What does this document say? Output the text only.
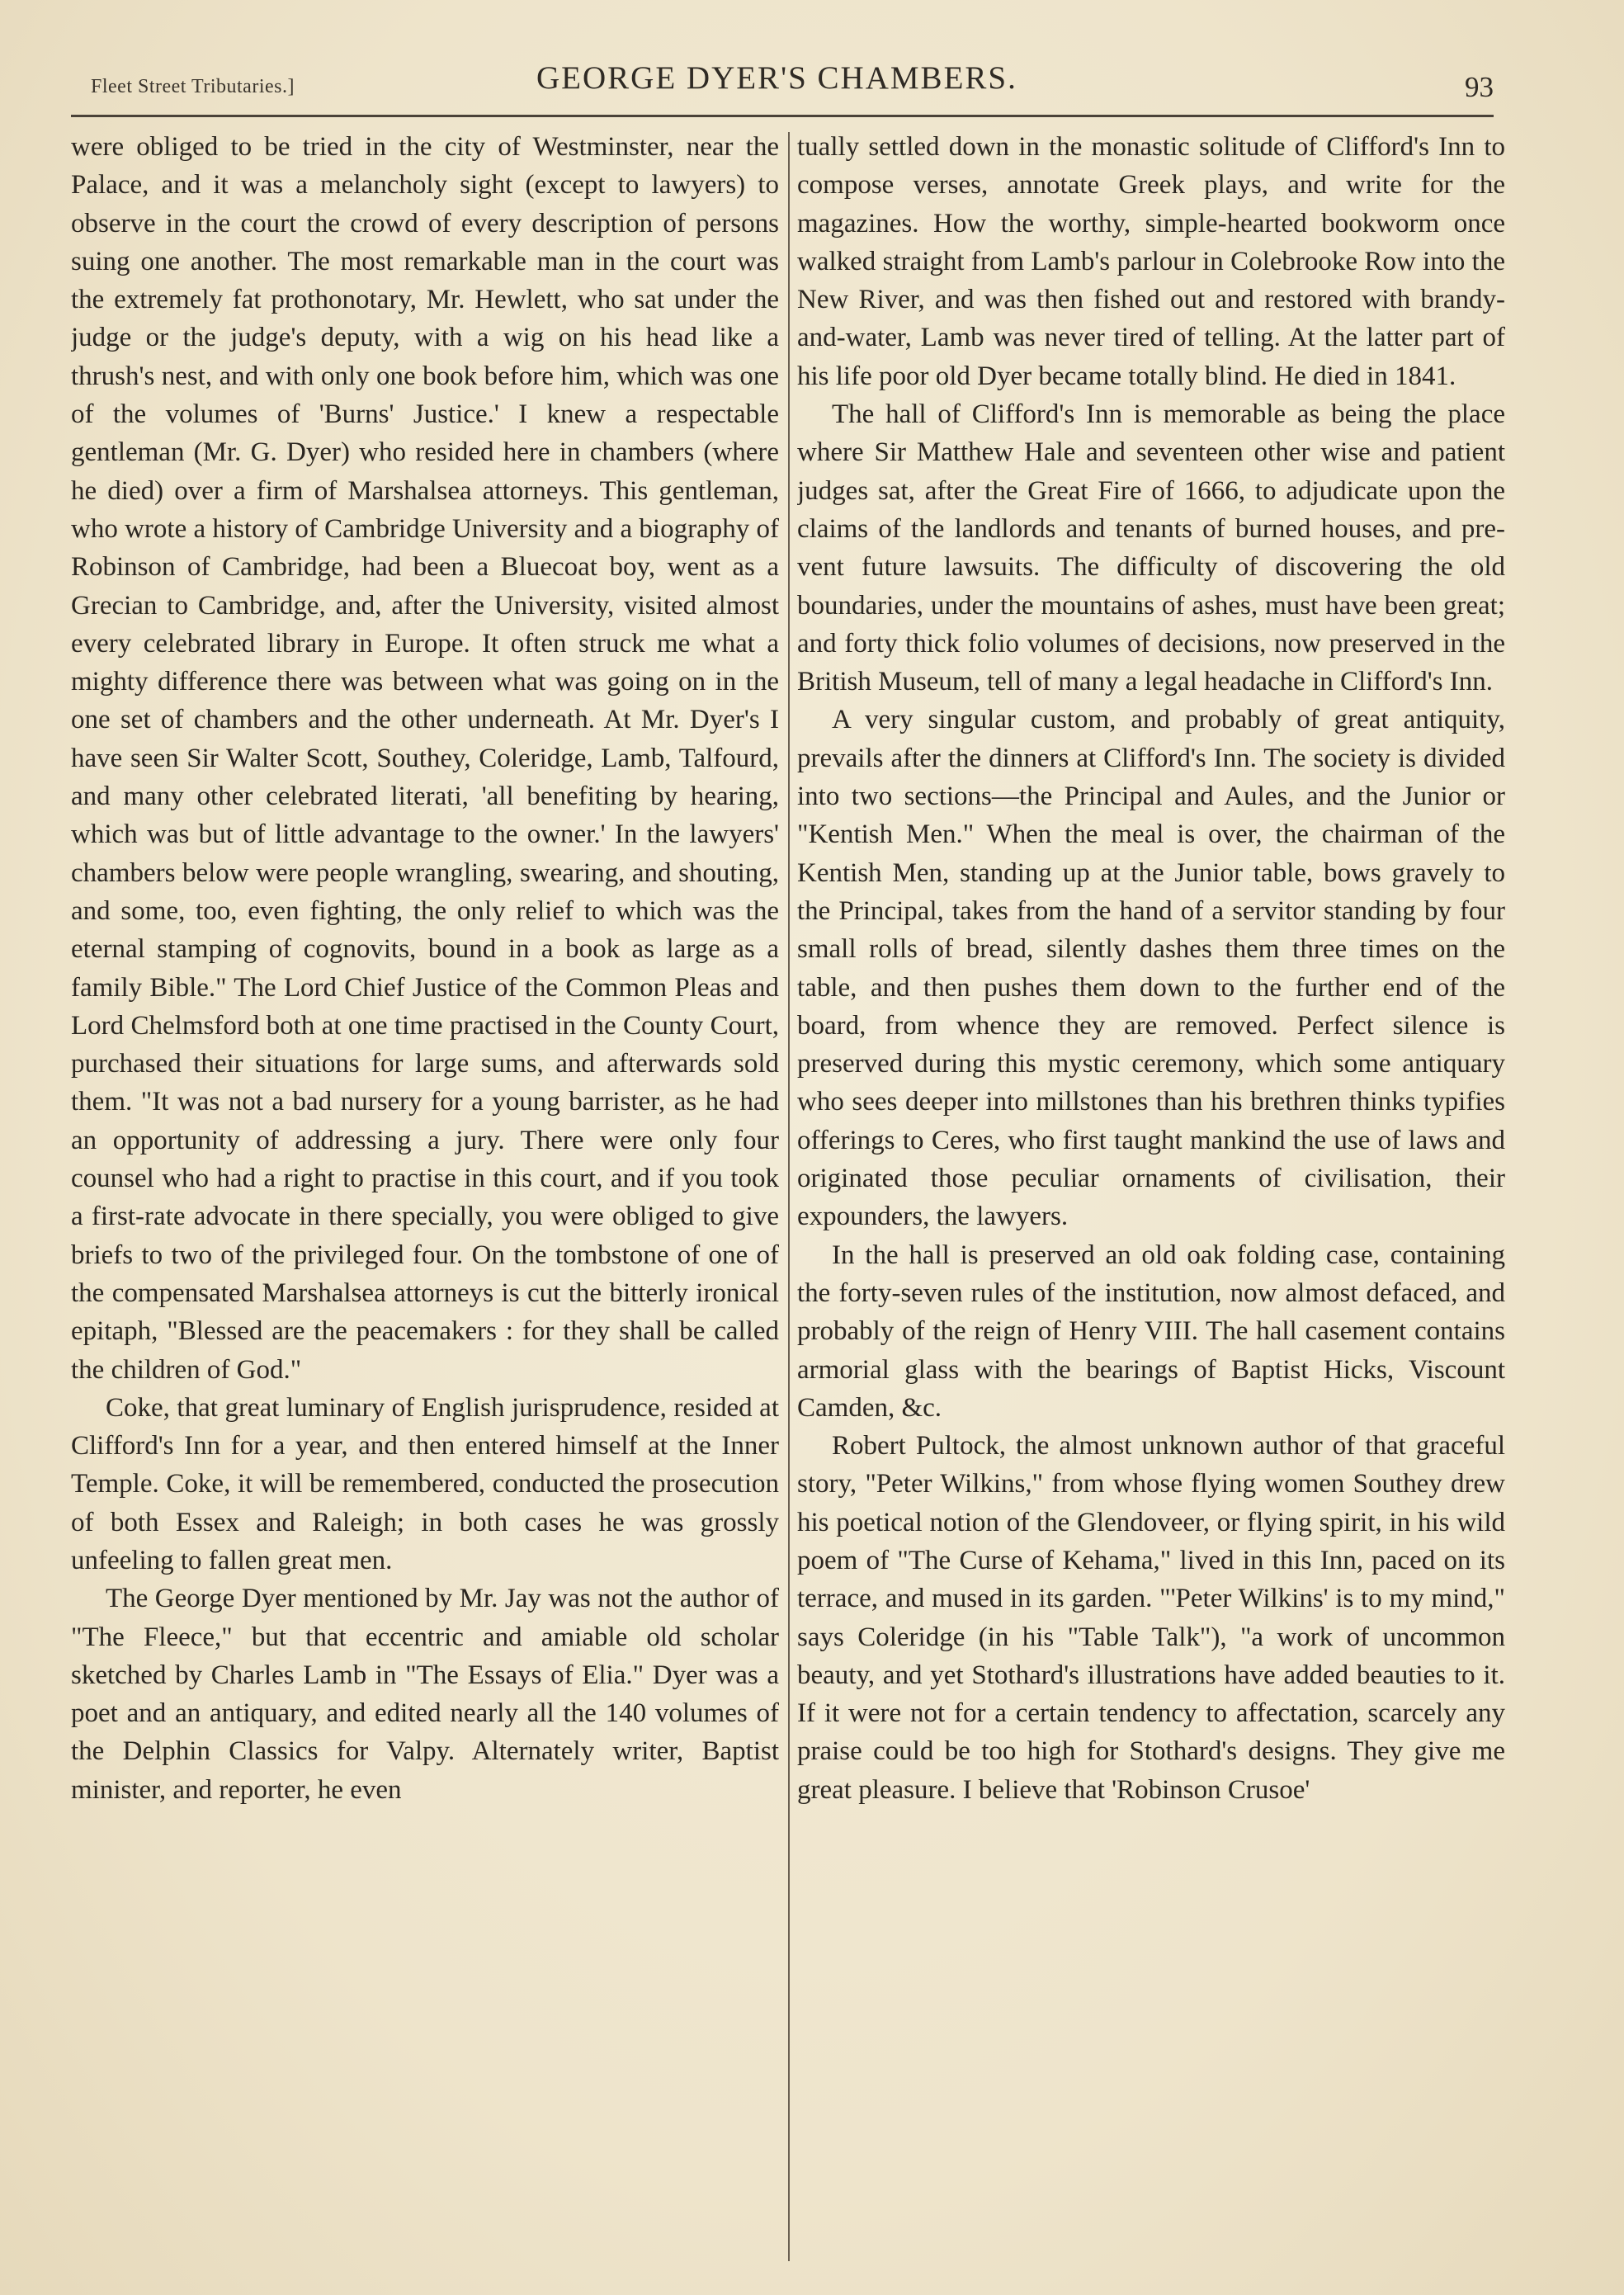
Fleet Street Tributaries.]	GEORGE DYER'S CHAMBERS.	93

were obliged to be tried in the city of Westminster, near the Palace, and it was a melancholy sight (except to lawyers) to observe in the court the crowd of every description of persons suing one another. The most remarkable man in the court was the extremely fat prothonotary, Mr. Hewlett, who sat under the judge or the judge's deputy, with a wig on his head like a thrush's nest, and with only one book before him, which was one of the volumes of 'Burns' Justice.' I knew a respectable gentleman (Mr. G. Dyer) who resided here in chambers (where he died) over a firm of Marshalsea attorneys. This gentleman, who wrote a history of Cambridge University and a biography of Robinson of Cambridge, had been a Bluecoat boy, went as a Grecian to Cambridge, and, after the University, visited almost every celebrated library in Europe. It often struck me what a mighty difference there was between what was going on in the one set of chambers and the other underneath. At Mr. Dyer's I have seen Sir Walter Scott, Southey, Coleridge, Lamb, Talfourd, and many other celebrated literati, 'all benefiting by hearing, which was but of little advantage to the owner.' In the lawyers' chambers below were people wrangling, swearing, and shouting, and some, too, even fighting, the only relief to which was the eternal stamping of cognovits, bound in a book as large as a family Bible." The Lord Chief Justice of the Common Pleas and Lord Chelmsford both at one time practised in the County Court, purchased their situations for large sums, and afterwards sold them. "It was not a bad nursery for a young barrister, as he had an opportunity of addressing a jury. There were only four counsel who had a right to practise in this court, and if you took a first-rate advocate in there specially, you were obliged to give briefs to two of the privileged four. On the tombstone of one of the compensated Marshalsea attorneys is cut the bitterly ironical epitaph, "Blessed are the peacemakers : for they shall be called the children of God."

Coke, that great luminary of English jurisprudence, resided at Clifford's Inn for a year, and then entered himself at the Inner Temple. Coke, it will be remembered, conducted the prosecution of both Essex and Raleigh; in both cases he was grossly unfeeling to fallen great men.

The George Dyer mentioned by Mr. Jay was not the author of "The Fleece," but that eccentric and amiable old scholar sketched by Charles Lamb in "The Essays of Elia." Dyer was a poet and an antiquary, and edited nearly all the 140 volumes of the Delphin Classics for Valpy. Alternately writer, Baptist minister, and reporter, he even

tually settled down in the monastic solitude of Clifford's Inn to compose verses, annotate Greek plays, and write for the magazines. How the worthy, simple-hearted bookworm once walked straight from Lamb's parlour in Colebrooke Row into the New River, and was then fished out and restored with brandy-and-water, Lamb was never tired of telling. At the latter part of his life poor old Dyer became totally blind. He died in 1841.

The hall of Clifford's Inn is memorable as being the place where Sir Matthew Hale and seventeen other wise and patient judges sat, after the Great Fire of 1666, to adjudicate upon the claims of the landlords and tenants of burned houses, and prevent future lawsuits. The difficulty of discovering the old boundaries, under the mountains of ashes, must have been great; and forty thick folio volumes of decisions, now preserved in the British Museum, tell of many a legal headache in Clifford's Inn.

A very singular custom, and probably of great antiquity, prevails after the dinners at Clifford's Inn. The society is divided into two sections—the Principal and Aules, and the Junior or "Kentish Men." When the meal is over, the chairman of the Kentish Men, standing up at the Junior table, bows gravely to the Principal, takes from the hand of a servitor standing by four small rolls of bread, silently dashes them three times on the table, and then pushes them down to the further end of the board, from whence they are removed. Perfect silence is preserved during this mystic ceremony, which some antiquary who sees deeper into millstones than his brethren thinks typifies offerings to Ceres, who first taught mankind the use of laws and originated those peculiar ornaments of civilisation, their expounders, the lawyers.

In the hall is preserved an old oak folding case, containing the forty-seven rules of the institution, now almost defaced, and probably of the reign of Henry VIII. The hall casement contains armorial glass with the bearings of Baptist Hicks, Viscount Camden, &c.

Robert Pultock, the almost unknown author of that graceful story, "Peter Wilkins," from whose flying women Southey drew his poetical notion of the Glendoveer, or flying spirit, in his wild poem of "The Curse of Kehama," lived in this Inn, paced on its terrace, and mused in its garden. "'Peter Wilkins' is to my mind," says Coleridge (in his "Table Talk"), "a work of uncommon beauty, and yet Stothard's illustrations have added beauties to it. If it were not for a certain tendency to affectation, scarcely any praise could be too high for Stothard's designs. They give me great pleasure. I believe that 'Robinson Crusoe'
